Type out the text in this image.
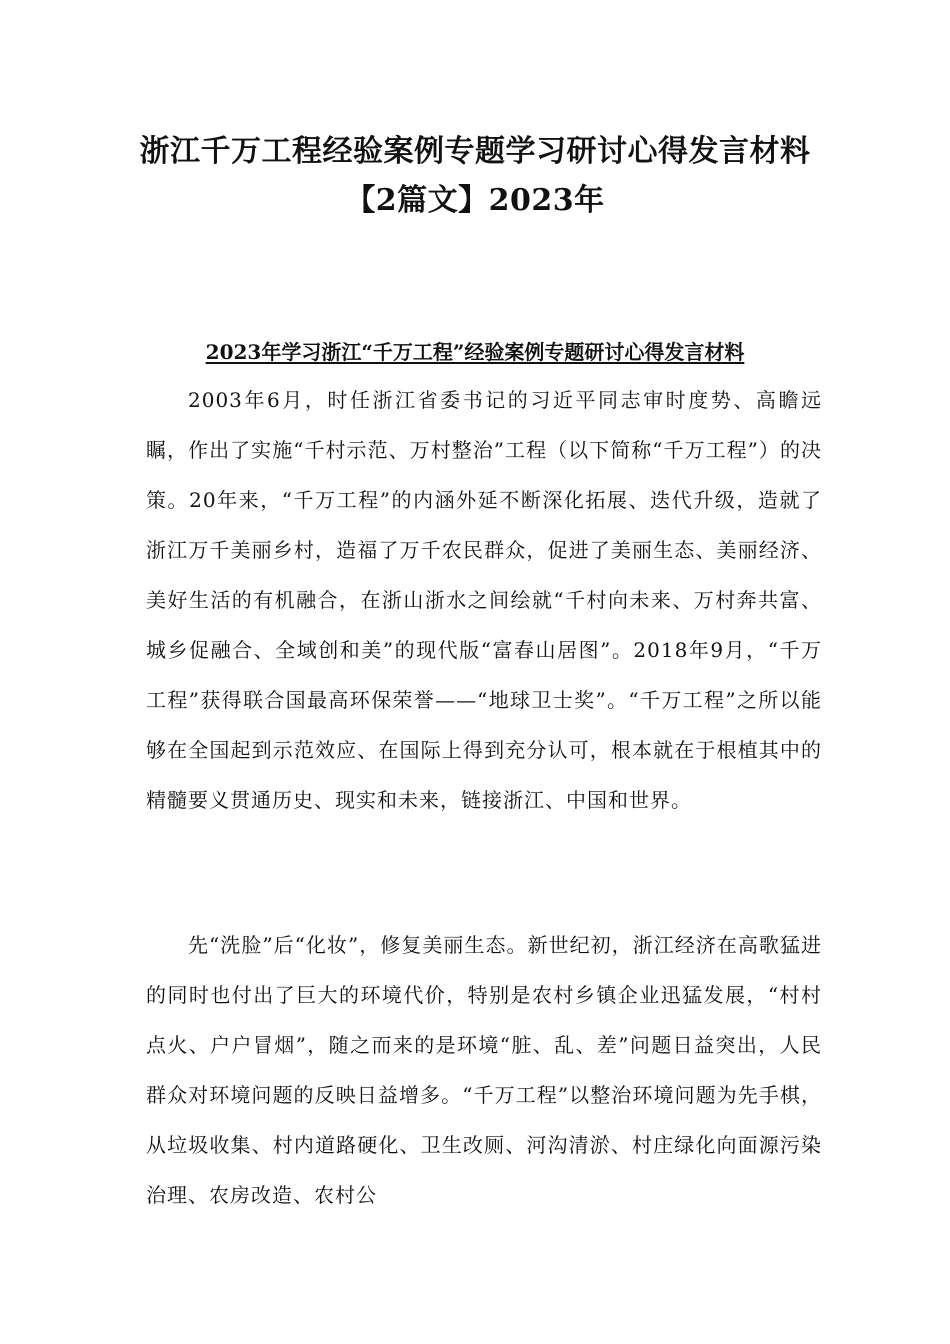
浙江千万工程经验案例专题学习研讨心得发言材料
【2篇文】2023年
2023年学习浙江“千万工程”经验案例专题研讨心得发言材料

2003年6月，时任浙江省委书记的习近平同志审时度势、高瞻远瞩，作出了实施“千村示范、万村整治”工程（以下简称“千万工程”）的决策。20年来，“千万工程”的内涵外延不断深化拓展、迭代升级，造就了浙江万千美丽乡村，造福了万千农民群众，促进了美丽生态、美丽经济、美好生活的有机融合，在浙山浙水之间绘就“千村向未来、万村奔共富、城乡促融合、全域创和美”的现代版“富春山居图”。2018年9月，“千万工程”获得联合国最高环保荣誉——“地球卫士奖”。“千万工程”之所以能够在全国起到示范效应、在国际上得到充分认可，根本就在于根植其中的精髓要义贯通历史、现实和未来，链接浙江、中国和世界。

先“洗脸”后“化妆”，修复美丽生态。新世纪初，浙江经济在高歌猛进的同时也付出了巨大的环境代价，特别是农村乡镇企业迅猛发展，“村村点火、户户冒烟”，随之而来的是环境“脏、乱、差”问题日益突出，人民群众对环境问题的反映日益增多。“千万工程”以整治环境问题为先手棋，从垃圾收集、村内道路硬化、卫生改厕、河沟清淤、村庄绿化向面源污染治理、农房改造、农村公
